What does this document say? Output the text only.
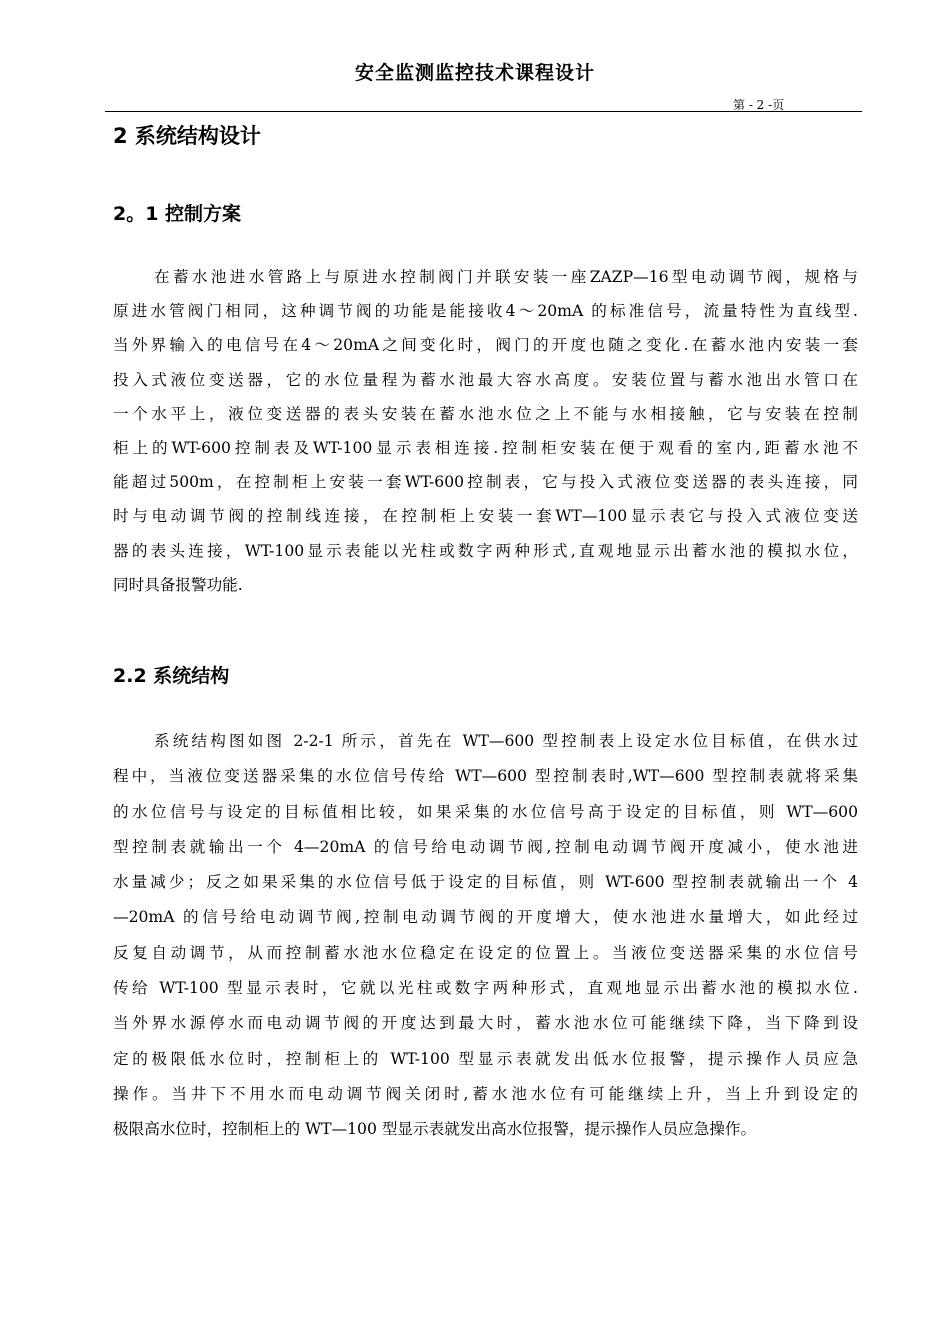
安全监测监控技术课程设计
第 - 2 -页
2 系统结构设计
2。1 控制方案
在蓄水池进水管路上与原进水控制阀门并联安装一座ZAZP—16型电动调节阀，规格与
原进水管阀门相同，这种调节阀的功能是能接收4～20mA 的标准信号，流量特性为直线型.
当外界输入的电信号在4～20mA之间变化时，阀门的开度也随之变化.在蓄水池内安装一套
投入式液位变送器，它的水位量程为蓄水池最大容水高度。安装位置与蓄水池出水管口在
一个水平上，液位变送器的表头安装在蓄水池水位之上不能与水相接触，它与安装在控制
柜上的WT-600控制表及WT-100显示表相连接.控制柜安装在便于观看的室内,距蓄水池不
能超过500m，在控制柜上安装一套WT-600控制表，它与投入式液位变送器的表头连接，同
时与电动调节阀的控制线连接，在控制柜上安装一套WT—100显示表它与投入式液位变送
器的表头连接，WT-100显示表能以光柱或数字两种形式,直观地显示出蓄水池的模拟水位，
同时具备报警功能.
2.2 系统结构
系统结构图如图 2-2-1 所示，首先在 WT—600 型控制表上设定水位目标值，在供水过
程中，当液位变送器采集的水位信号传给 WT—600 型控制表时,WT—600 型控制表就将采集
的水位信号与设定的目标值相比较，如果采集的水位信号高于设定的目标值，则 WT—600
型控制表就输出一个 4—20mA 的信号给电动调节阀,控制电动调节阀开度减小，使水池进
水量减少；反之如果采集的水位信号低于设定的目标值，则 WT-600 型控制表就输出一个 4
—20mA 的信号给电动调节阀,控制电动调节阀的开度增大，使水池进水量增大，如此经过
反复自动调节，从而控制蓄水池水位稳定在设定的位置上。当液位变送器采集的水位信号
传给 WT-100 型显示表时，它就以光柱或数字两种形式，直观地显示出蓄水池的模拟水位.
当外界水源停水而电动调节阀的开度达到最大时，蓄水池水位可能继续下降，当下降到设
定的极限低水位时，控制柜上的 WT-100 型显示表就发出低水位报警，提示操作人员应急
操作。当井下不用水而电动调节阀关闭时,蓄水池水位有可能继续上升，当上升到设定的
极限高水位时，控制柜上的 WT—100 型显示表就发出高水位报警，提示操作人员应急操作。
